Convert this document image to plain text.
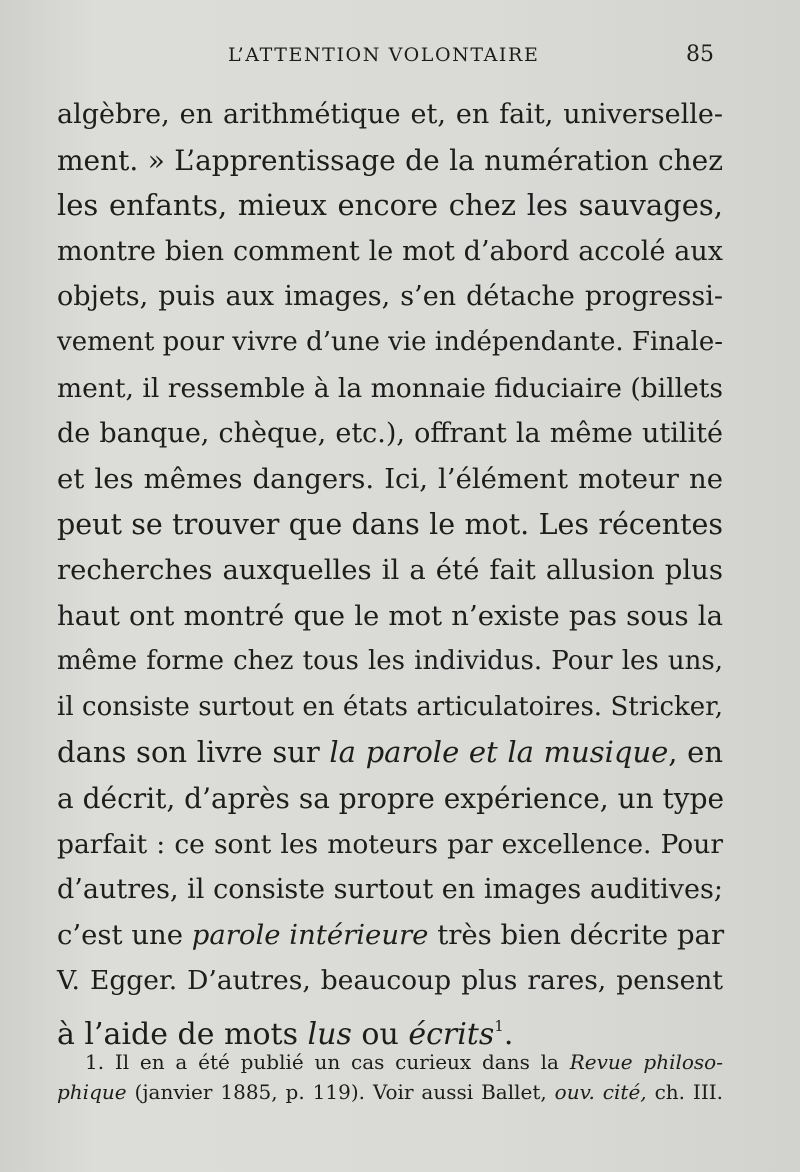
L’ATTENTION VOLONTAIRE	85
algèbre, en arithmétique et, en fait, universelle-
ment. » L’apprentissage de la numération chez
les enfants, mieux encore chez les sauvages,
montre bien comment le mot d’abord accolé aux
objets, puis aux images, s’en détache progressi-
vement pour vivre d’une vie indépendante. Finale-
ment, il ressemble à la monnaie fiduciaire (billets
de banque, chèque, etc.), offrant la même utilité
et les mêmes dangers. Ici, l’élément moteur ne
peut se trouver que dans le mot. Les récentes
recherches auxquelles il a été fait allusion plus
haut ont montré que le mot n’existe pas sous la
même forme chez tous les individus. Pour les uns,
il consiste surtout en états articulatoires. Stricker,
dans son livre sur la parole et la musique, en
a décrit, d’après sa propre expérience, un type
parfait : ce sont les moteurs par excellence. Pour
d’autres, il consiste surtout en images auditives;
c’est une parole intérieure très bien décrite par
V. Egger. D’autres, beaucoup plus rares, pensent
à l’aide de mots lus ou écrits$^1$.
1. Il en a été publié un cas curieux dans la Revue philoso-
phique (janvier 1885, p. 119). Voir aussi Ballet, ouv. cité, ch. III.
